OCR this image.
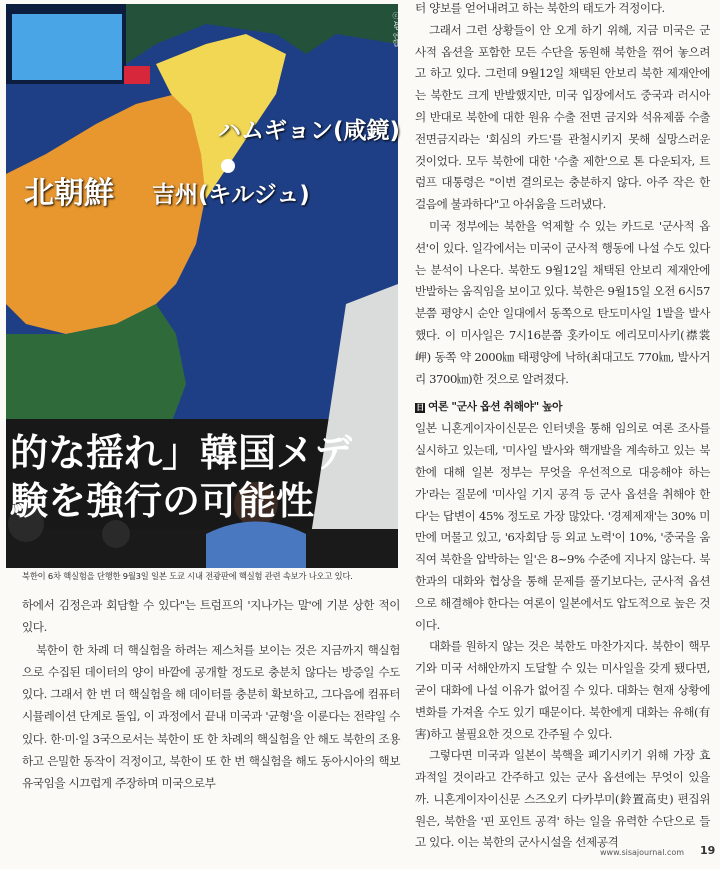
ハムギョン(咸鏡)
北朝鮮 吉州(キルジュ)
的な揺れ」韓国メデ
験を強行の可能性
ⓒ AP 연합
북한이 6차 핵실험을 단행한 9월3일 일본 도쿄 시내 전광판에 핵실험 관련 속보가 나오고 있다.

터 양보를 얻어내려고 하는 북한의 태도가 걱정이다.

그래서 그런 상황들이 안 오게 하기 위해, 지금 미국은 군사적 옵션을 포함한 모든 수단을 동원해 북한을 꺾어 놓으려고 하고 있다. 그런데 9월12일 채택된 안보리 북한 제재안에는 북한도 크게 반발했지만, 미국 입장에서도 중국과 러시아의 반대로 북한에 대한 원유 수출 전면 금지와 석유제품 수출 전면금지라는 '회심의 카드'를 관철시키지 못해 실망스러운 것이었다. 모두 북한에 대한 '수출 제한'으로 톤 다운되자, 트럼프 대통령은 "이번 결의로는 충분하지 않다. 아주 작은 한 걸음에 불과하다"고 아쉬움을 드러냈다.

미국 정부에는 북한을 억제할 수 있는 카드로 '군사적 옵션'이 있다. 일각에서는 미국이 군사적 행동에 나설 수도 있다는 분석이 나온다. 북한도 9월12일 채택된 안보리 제재안에 반발하는 움직임을 보이고 있다. 북한은 9월15일 오전 6시57분쯤 평양시 순안 일대에서 동쪽으로 탄도미사일 1발을 발사했다. 이 미사일은 7시16분쯤 홋카이도 에리모미사키(襟裳岬) 동쪽 약 2000㎞ 태평양에 낙하(최대고도 770㎞, 발사거리 3700㎞)한 것으로 알려졌다.

日 여론 "군사 옵션 취해야" 높아

일본 니혼게이자이신문은 인터넷을 통해 임의로 여론 조사를 실시하고 있는데, '미사일 발사와 핵개발을 계속하고 있는 북한에 대해 일본 정부는 무엇을 우선적으로 대응해야 하는가'라는 질문에 '미사일 기지 공격 등 군사 옵션을 취해야 한다'는 답변이 45% 정도로 가장 많았다. '경제제재'는 30% 미만에 머물고 있고, '6자회담 등 외교 노력'이 10%, '중국을 움직여 북한을 압박하는 일'은 8~9% 수준에 지나지 않는다. 북한과의 대화와 협상을 통해 문제를 풀기보다는, 군사적 옵션으로 해결해야 한다는 여론이 일본에서도 압도적으로 높은 것이다.

대화를 원하지 않는 것은 북한도 마찬가지다. 북한이 핵무기와 미국 서해안까지 도달할 수 있는 미사일을 갖게 됐다면, 굳이 대화에 나설 이유가 없어질 수 있다. 대화는 현재 상황에 변화를 가져올 수도 있기 때문이다. 북한에게 대화는 유해(有害)하고 불필요한 것으로 간주될 수 있다.

그렇다면 미국과 일본이 북핵을 폐기시키기 위해 가장 효과적일 것이라고 간주하고 있는 군사 옵션에는 무엇이 있을까. 니혼게이자이신문 스즈오키 다카부미(鈴置高史) 편집위원은, 북한을 '핀 포인트 공격' 하는 일을 유력한 수단으로 들고 있다. 이는 북한의 군사시설을 선제공격

하에서 김정은과 회담할 수 있다"는 트럼프의 '지나가는 말'에 기분 상한 적이 있다.

북한이 한 차례 더 핵실험을 하려는 제스처를 보이는 것은 지금까지 핵실험으로 수집된 데이터의 양이 바깥에 공개할 정도로 충분치 않다는 방증일 수도 있다. 그래서 한 번 더 핵실험을 해 데이터를 충분히 확보하고, 그다음에 컴퓨터 시뮬레이션 단계로 돌입, 이 과정에서 끝내 미국과 '균형'을 이룬다는 전략일 수 있다. 한·미·일 3국으로서는 북한이 또 한 차례의 핵실험을 안 해도 북한의 조용하고 은밀한 동작이 걱정이고, 북한이 또 한 번 핵실험을 해도 동아시아의 핵보유국임을 시끄럽게 주장하며 미국으로부

www.sisajournal.com 19
